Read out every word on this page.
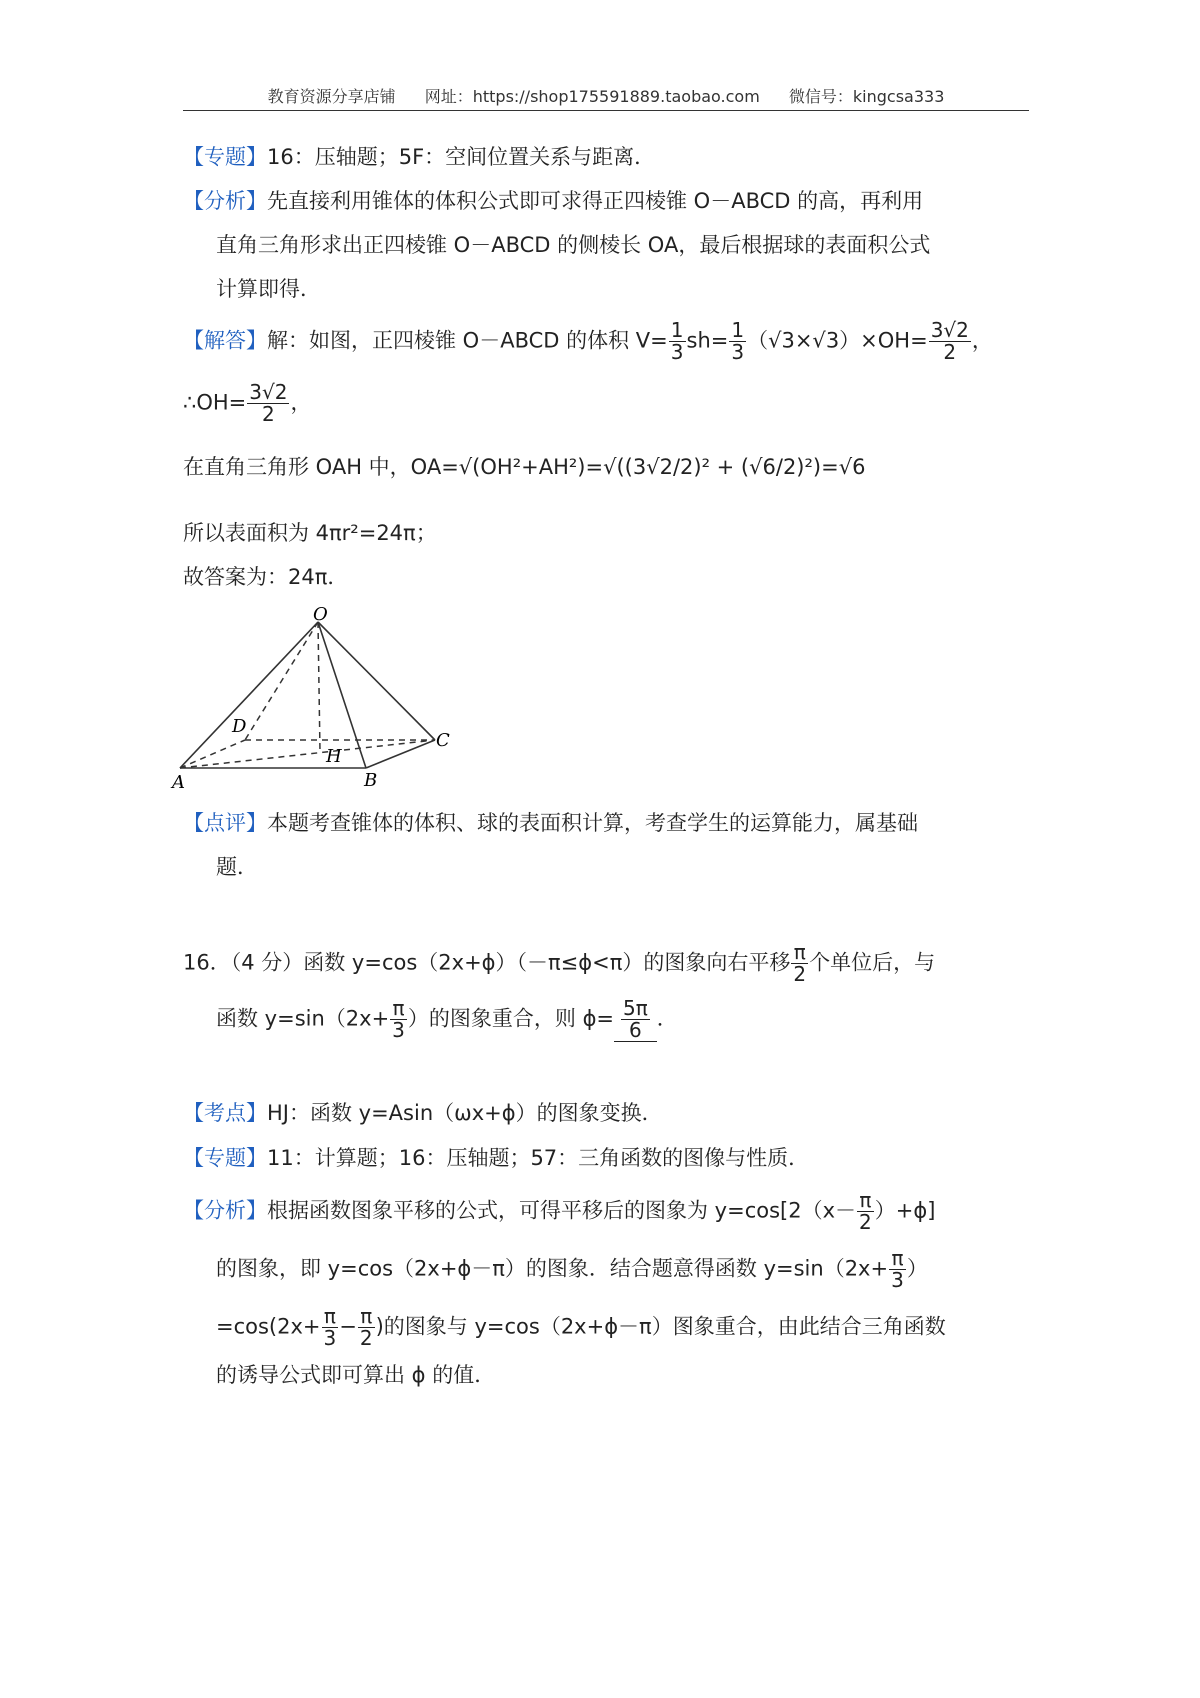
教育资源分享店铺 网址：https://shop175591889.taobao.com 微信号：kingcsa333
【专题】16：压轴题；5F：空间位置关系与距离．
【分析】先直接利用锥体的体积公式即可求得正四棱锥 O－ABCD 的高，再利用
直角三角形求出正四棱锥 O－ABCD 的侧棱长 OA，最后根据球的表面积公式
计算即得．
【解答】解：如图，正四棱锥 O－ABCD 的体积 $V= \frac{1}{3} sh= \frac{1}{3} (√3\times√3)\times OH= \frac{3√2}{2}$ ，
∴OH= $\frac{3√2}{2}$ ，
在直角三角形 OAH 中，OA=√(OH²+AH²)=√((3√2/2)² + (√6/2)²)=√6
所以表面积为 4πr²=24π；
故答案为：24π．
O
D
C
H
A	B
【点评】本题考查锥体的体积、球的表面积计算，考查学生的运算能力，属基础
题．
16．（4 分）函数 y=cos（2x+ϕ）（－π≤ϕ<π）的图象向右平移 $\frac{\pi}{2}$ 个单位后，与
函数 $y=\sin(2x+ \frac{\pi}{3}$ ）的图象重合，则 $\phi= \frac{5\pi}{6}$ ．
【考点】HJ：函数 y=Asin（ωx+ϕ）的图象变换．
【专题】11：计算题；16：压轴题；57：三角函数的图像与性质．
【分析】根据函数图象平移的公式，可得平移后的图象为 $y=\cos[2(x- \frac{\pi}{2} )+\phi]$
的图象，即 y=cos（2x+ϕ－π）的图象．结合题意得函数 $y=\sin(2x+ \frac{\pi}{3}$ ）
$=\cos(2x+ \frac{\pi}{3} - \frac{\pi}{2}$ )的图象与 y=cos（2x+ϕ－π）图象重合，由此结合三角函数
的诱导公式即可算出 ϕ 的值．
